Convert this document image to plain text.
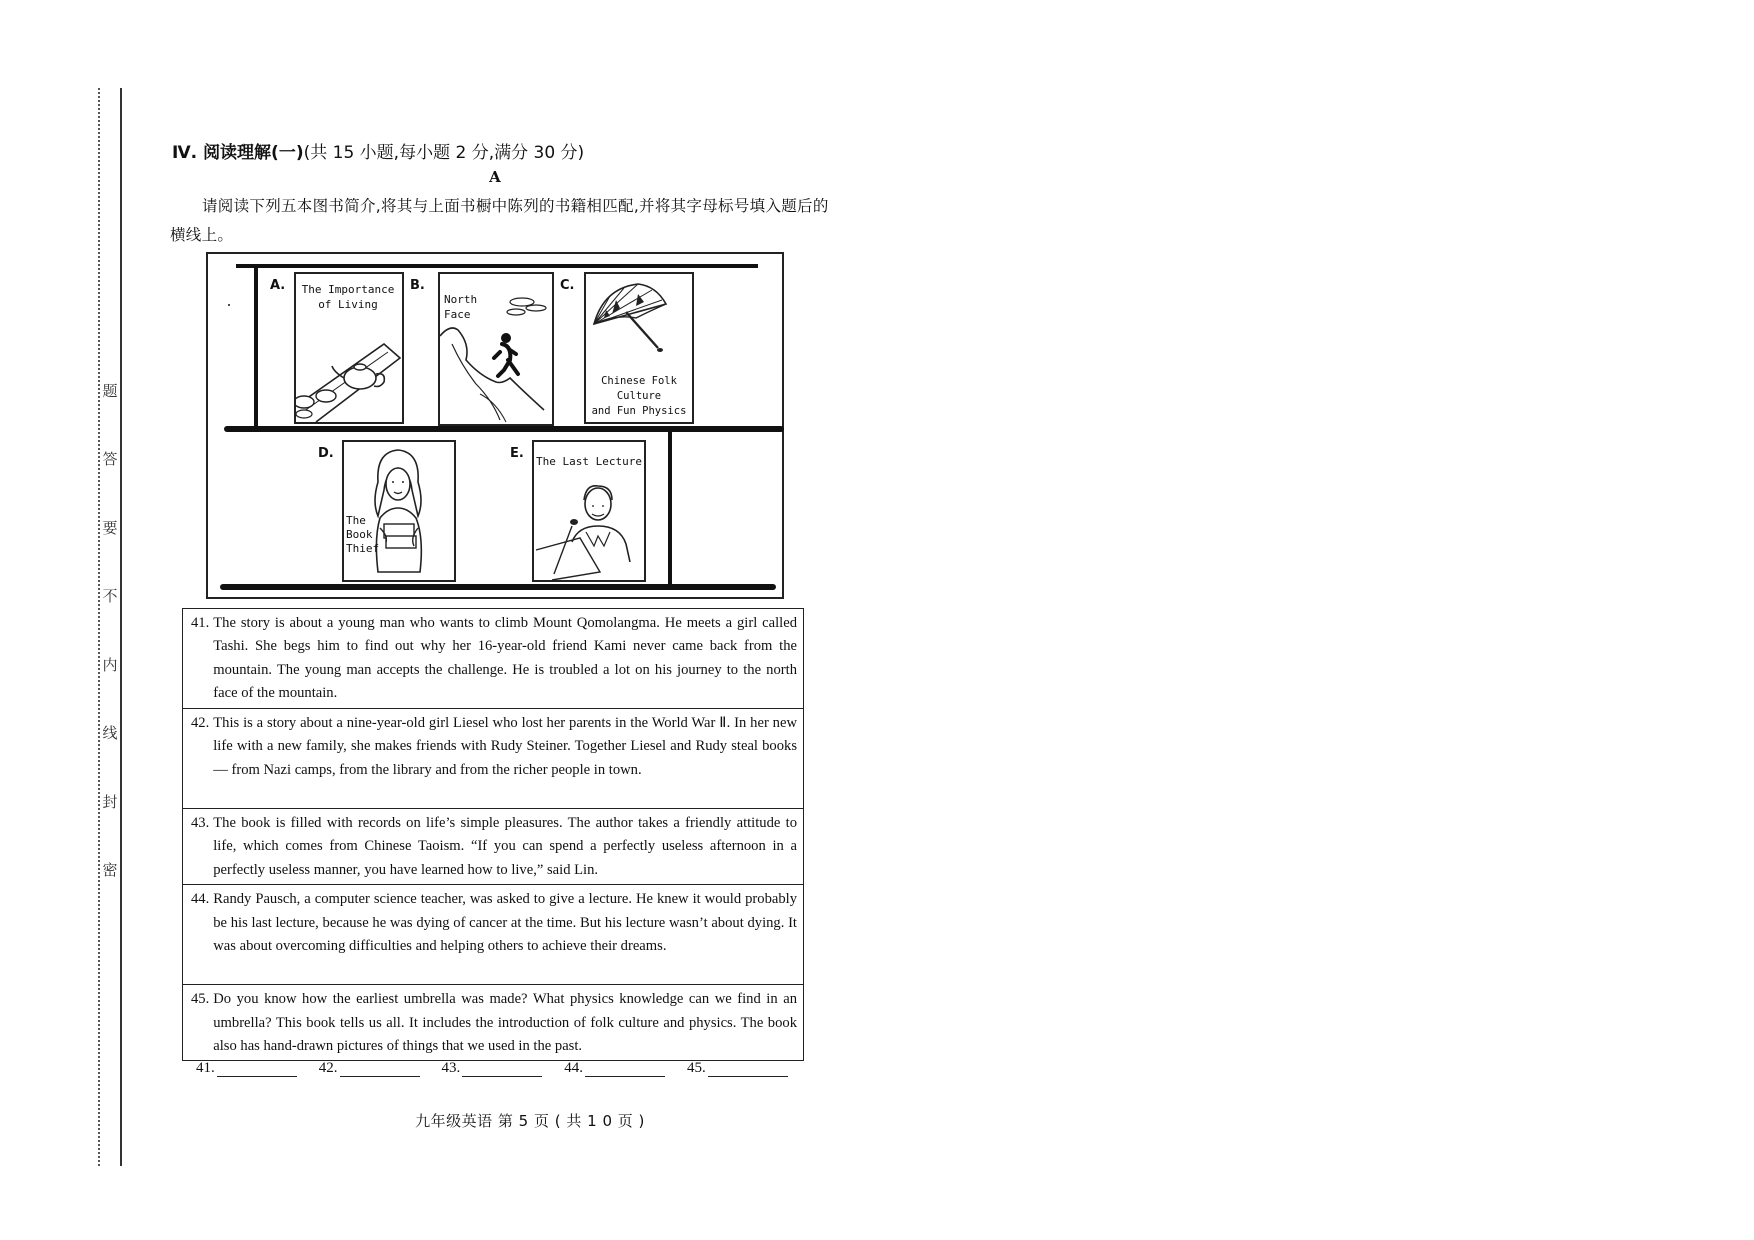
题
答
要
不
内
线
封
密
Ⅳ. 阅读理解(一)(共 15 小题,每小题 2 分,满分 30 分)
A
请阅读下列五本图书简介,将其与上面书橱中陈列的书籍相匹配,并将其字母标号填入题后的横线上。
A. The Importance
of Living
B.
North Face
C.
Chinese Folk Culture
and Fun Physics
D.
The
Book
Thief
E.
The Last Lecture
41. The story is about a young man who wants to climb Mount Qomolangma. He meets a girl called Tashi. She begs him to find out why her 16-year-old friend Kami never came back from the mountain. The young man accepts the challenge. He is troubled a lot on his journey to the north face of the mountain.

42. This is a story about a nine-year-old girl Liesel who lost her parents in the World War Ⅱ. In her new life with a new family, she makes friends with Rudy Steiner. Together Liesel and Rudy steal books — from Nazi camps, from the library and from the richer people in town.

43. The book is filled with records on life’s simple pleasures. The author takes a friendly attitude to life, which comes from Chinese Taoism. “If you can spend a perfectly useless afternoon in a perfectly useless manner, you have learned how to live,” said Lin.

44. Randy Pausch, a computer science teacher, was asked to give a lecture. He knew it would probably be his last lecture, because he was dying of cancer at the time. But his lecture wasn’t about dying. It was about overcoming difficulties and helping others to achieve their dreams.

45. Do you know how the earliest umbrella was made? What physics knowledge can we find in an umbrella? This book tells us all. It includes the introduction of folk culture and physics. The book also has hand-drawn pictures of things that we used in the past.
41.	42.	43.	44.	45.
九年级英语 第 5 页 ( 共 1 0 页 )
